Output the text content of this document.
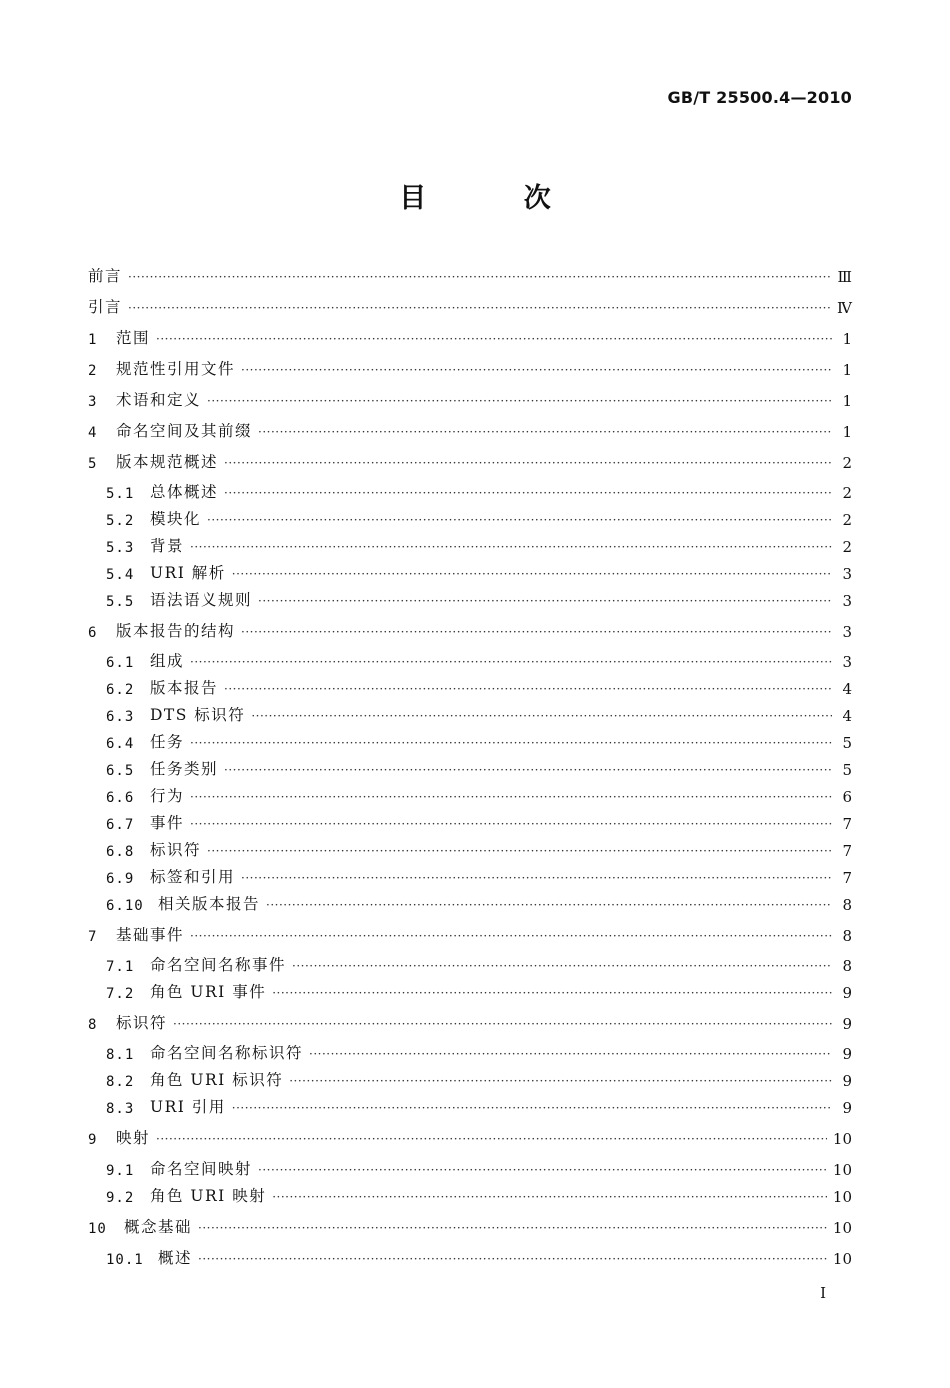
GB/T 25500.4—2010
目 次
前言 ·····	Ⅲ
引言 ·····	Ⅳ
1	范围 ·····	1
2	规范性引用文件 ·····	1
3	术语和定义 ·····	1
4	命名空间及其前缀 ·····	1
5	版本规范概述 ·····	2
5.1	总体概述 ·····	2
5.2	模块化 ·····	2
5.3	背景 ·····	2
5.4	URI 解析 ·····	3
5.5	语法语义规则 ·····	3
6	版本报告的结构 ·····	3
6.1	组成 ·····	3
6.2	版本报告 ·····	4
6.3	DTS 标识符 ·····	4
6.4	任务 ·····	5
6.5	任务类别 ·····	5
6.6	行为 ·····	6
6.7	事件 ·····	7
6.8	标识符 ·····	7
6.9	标签和引用 ·····	7
6.10 相关版本报告 ·····	8
7	基础事件 ·····	8
7.1	命名空间名称事件 ·····	8
7.2	角色 URI 事件 ·····	9
8	标识符 ·····	9
8.1	命名空间名称标识符 ·····	9
8.2	角色 URI 标识符 ·····	9
8.3	URI 引用 ·····	9
9	映射 ·····	10
9.1	命名空间映射 ·····	10
9.2	角色 URI 映射 ·····	10
10	概念基础 ·····	10
10.1 概述 ·····	10
I
